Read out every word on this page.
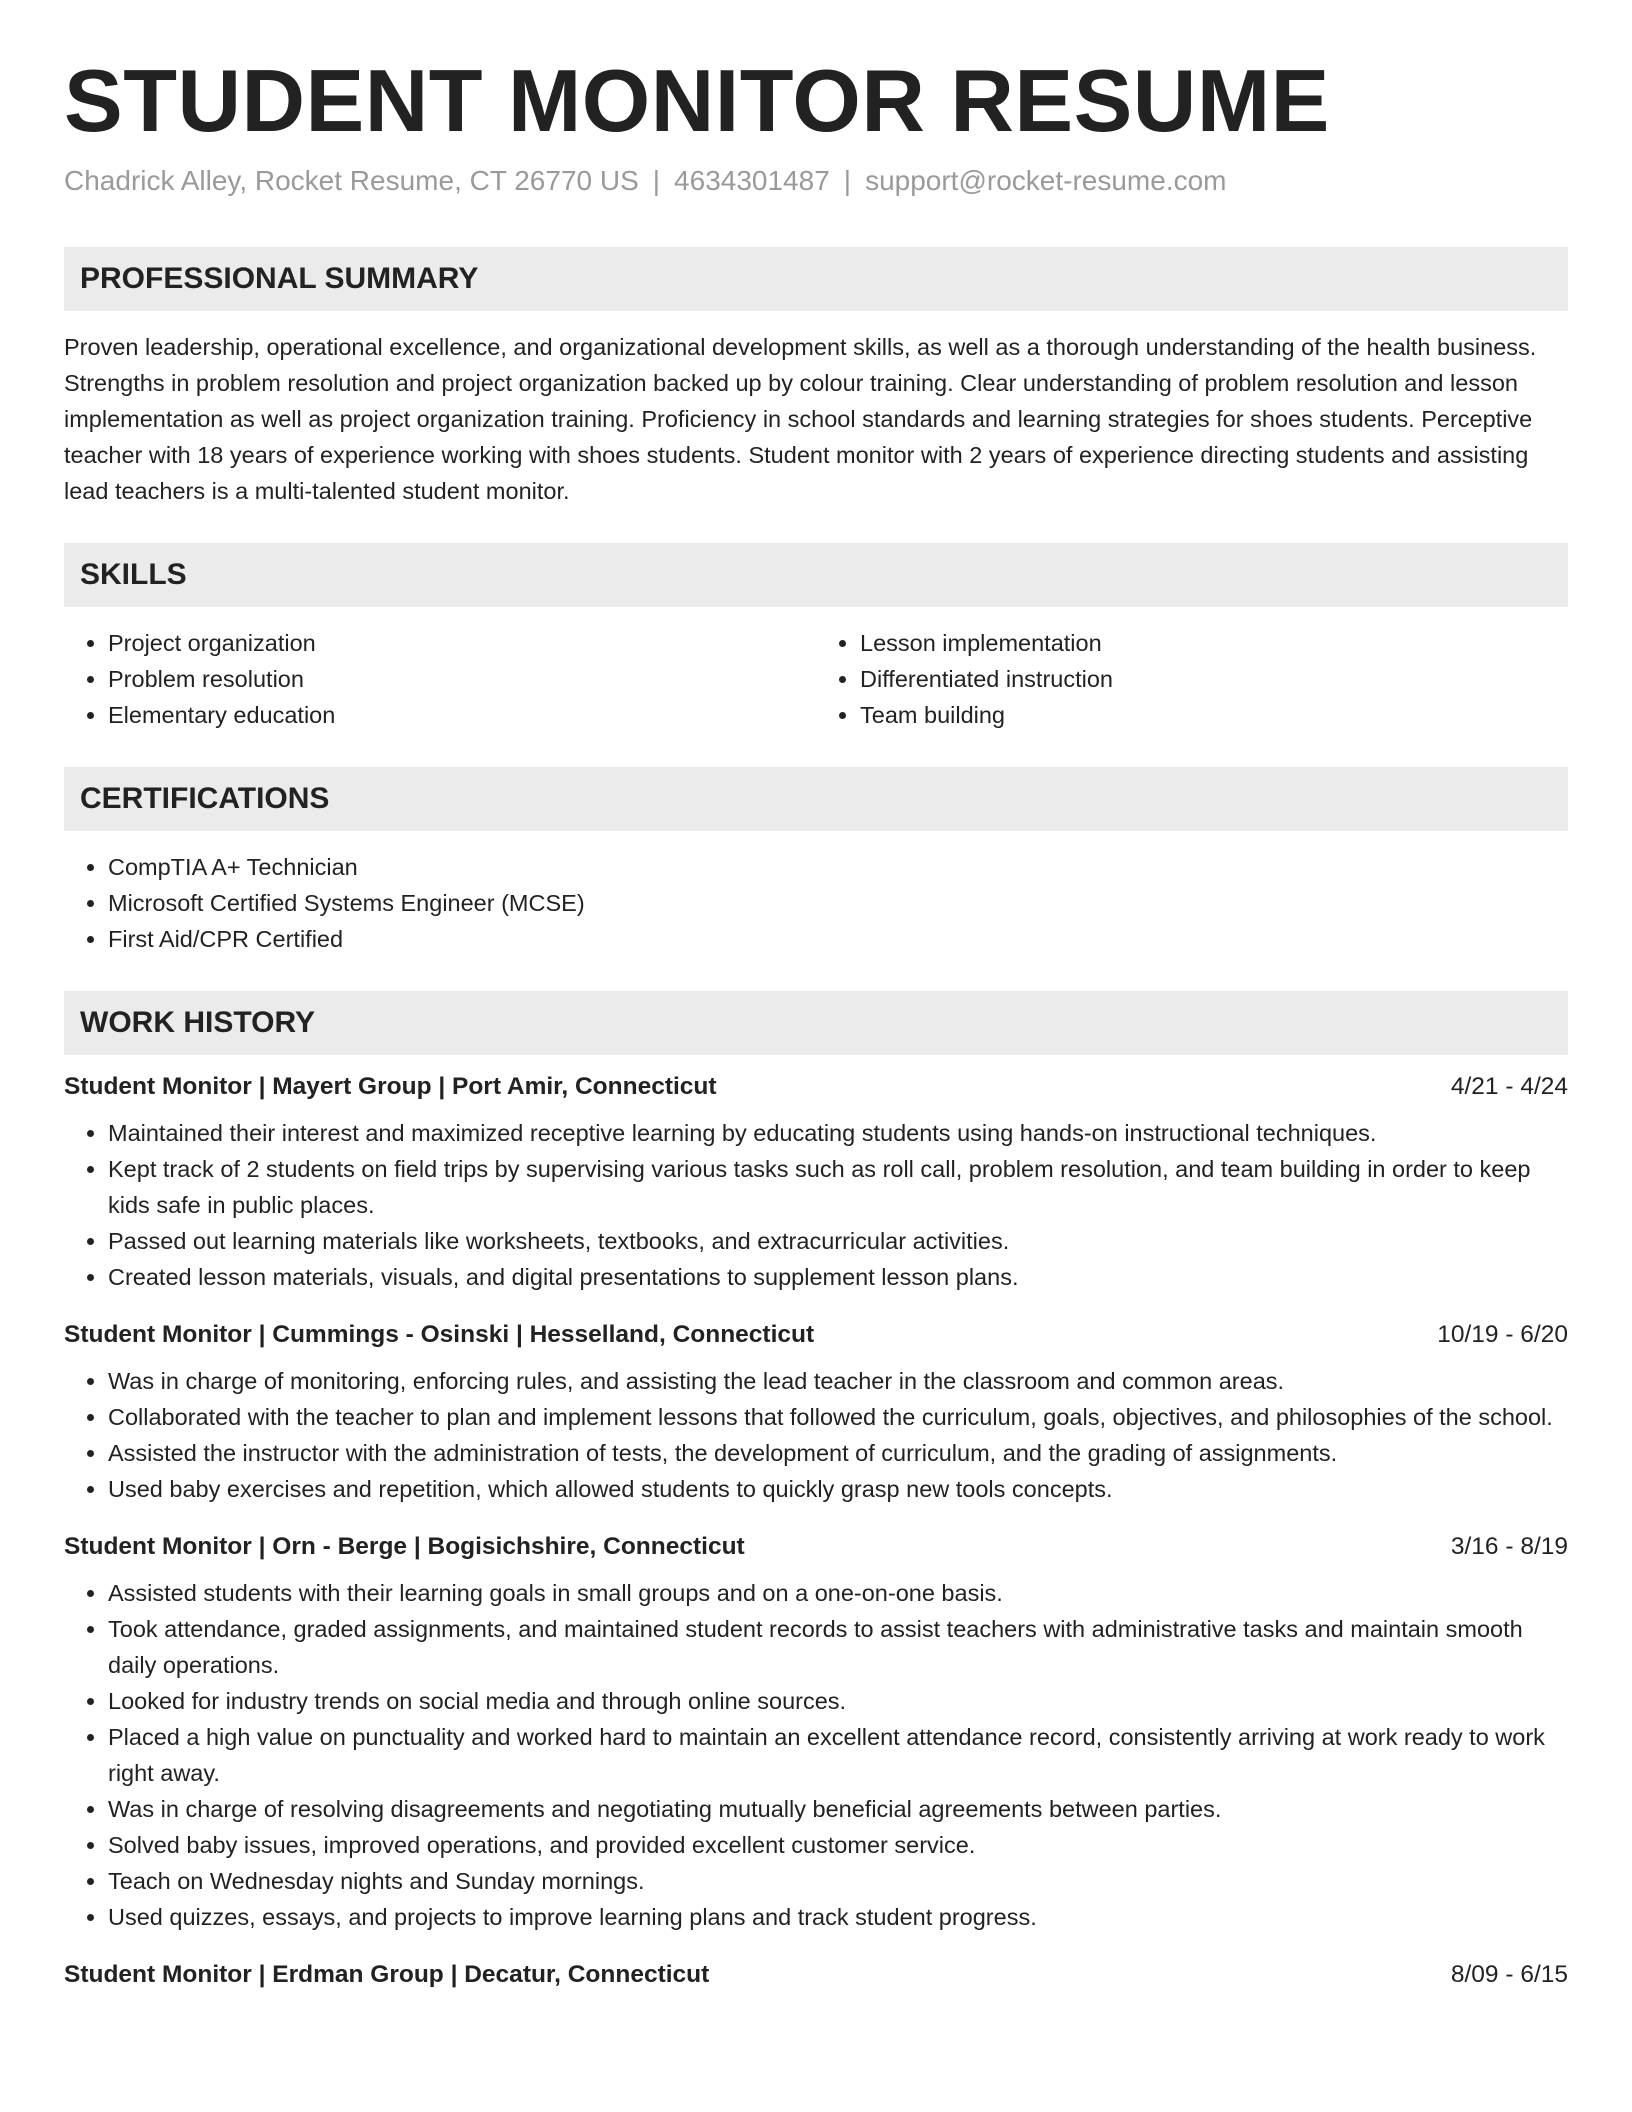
STUDENT MONITOR RESUME
Chadrick Alley, Rocket Resume, CT 26770 US | 4634301487 | support@rocket-resume.com
PROFESSIONAL SUMMARY

Proven leadership, operational excellence, and organizational development skills, as well as a thorough understanding of the health business. Strengths in problem resolution and project organization backed up by colour training. Clear understanding of problem resolution and lesson implementation as well as project organization training. Proficiency in school standards and learning strategies for shoes students. Perceptive teacher with 18 years of experience working with shoes students. Student monitor with 2 years of experience directing students and assisting lead teachers is a multi-talented student monitor.

SKILLS
• Project organization
• Problem resolution
• Elementary education
• Lesson implementation
• Differentiated instruction
• Team building
CERTIFICATIONS
• CompTIA A+ Technician
• Microsoft Certified Systems Engineer (MCSE)
• First Aid/CPR Certified
WORK HISTORY
Student Monitor | Mayert Group | Port Amir, Connecticut	4/21 - 4/24
• Maintained their interest and maximized receptive learning by educating students using hands-on instructional techniques.
• Kept track of 2 students on field trips by supervising various tasks such as roll call, problem resolution, and team building in order to keep kids safe in public places.
• Passed out learning materials like worksheets, textbooks, and extracurricular activities.
• Created lesson materials, visuals, and digital presentations to supplement lesson plans.
Student Monitor | Cummings - Osinski | Hesselland, Connecticut	10/19 - 6/20
• Was in charge of monitoring, enforcing rules, and assisting the lead teacher in the classroom and common areas.
• Collaborated with the teacher to plan and implement lessons that followed the curriculum, goals, objectives, and philosophies of the school.
• Assisted the instructor with the administration of tests, the development of curriculum, and the grading of assignments.
• Used baby exercises and repetition, which allowed students to quickly grasp new tools concepts.
Student Monitor | Orn - Berge | Bogisichshire, Connecticut	3/16 - 8/19
• Assisted students with their learning goals in small groups and on a one-on-one basis.
• Took attendance, graded assignments, and maintained student records to assist teachers with administrative tasks and maintain smooth daily operations.
• Looked for industry trends on social media and through online sources.
• Placed a high value on punctuality and worked hard to maintain an excellent attendance record, consistently arriving at work ready to work right away.
• Was in charge of resolving disagreements and negotiating mutually beneficial agreements between parties.
• Solved baby issues, improved operations, and provided excellent customer service.
• Teach on Wednesday nights and Sunday mornings.
• Used quizzes, essays, and projects to improve learning plans and track student progress.
Student Monitor | Erdman Group | Decatur, Connecticut	8/09 - 6/15
